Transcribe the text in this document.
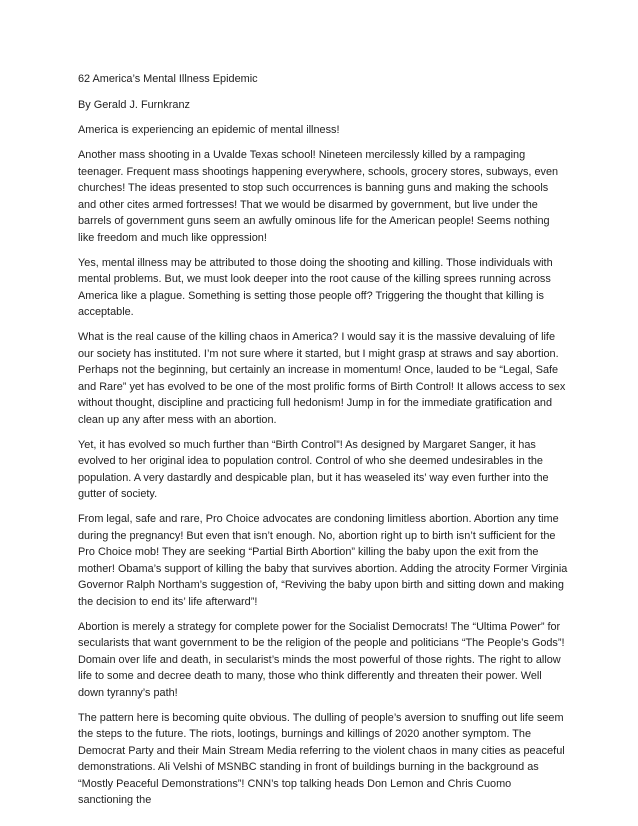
62 America’s Mental Illness Epidemic

By Gerald J. Furnkranz

America is experiencing an epidemic of mental illness!

Another mass shooting in a Uvalde Texas school! Nineteen mercilessly killed by a rampaging teenager. Frequent mass shootings happening everywhere, schools, grocery stores, subways, even churches! The ideas presented to stop such occurrences is banning guns and making the schools and other cites armed fortresses! That we would be disarmed by government, but live under the barrels of government guns seem an awfully ominous life for the American people! Seems nothing like freedom and much like oppression!

Yes, mental illness may be attributed to those doing the shooting and killing. Those individuals with mental problems. But, we must look deeper into the root cause of the killing sprees running across America like a plague. Something is setting those people off? Triggering the thought that killing is acceptable.

What is the real cause of the killing chaos in America? I would say it is the massive devaluing of life our society has instituted. I’m not sure where it started, but I might grasp at straws and say abortion. Perhaps not the beginning, but certainly an increase in momentum! Once, lauded to be “Legal, Safe and Rare” yet has evolved to be one of the most prolific forms of Birth Control! It allows access to sex without thought, discipline and practicing full hedonism! Jump in for the immediate gratification and clean up any after mess with an abortion.

Yet, it has evolved so much further than “Birth Control”! As designed by Margaret Sanger, it has evolved to her original idea to population control. Control of who she deemed undesirables in the population. A very dastardly and despicable plan, but it has weaseled its’ way even further into the gutter of society.

From legal, safe and rare, Pro Choice advocates are condoning limitless abortion. Abortion any time during the pregnancy! But even that isn’t enough. No, abortion right up to birth isn’t sufficient for the Pro Choice mob! They are seeking “Partial Birth Abortion” killing the baby upon the exit from the mother! Obama’s support of killing the baby that survives abortion. Adding the atrocity Former Virginia Governor Ralph Northam’s suggestion of, “Reviving the baby upon birth and sitting down and making the decision to end its’ life afterward”!

Abortion is merely a strategy for complete power for the Socialist Democrats! The “Ultima Power” for secularists that want government to be the religion of the people and politicians “The People’s Gods”! Domain over life and death, in secularist’s minds the most powerful of those rights. The right to allow life to some and decree death to many, those who think differently and threaten their power. Well down tyranny’s path!

The pattern here is becoming quite obvious. The dulling of people’s aversion to snuffing out life seem the steps to the future. The riots, lootings, burnings and killings of 2020 another symptom. The Democrat Party and their Main Stream Media referring to the violent chaos in many cities as peaceful demonstrations. Ali Velshi of MSNBC standing in front of buildings burning in the background as “Mostly Peaceful Demonstrations”! CNN’s top talking heads Don Lemon and Chris Cuomo sanctioning the
